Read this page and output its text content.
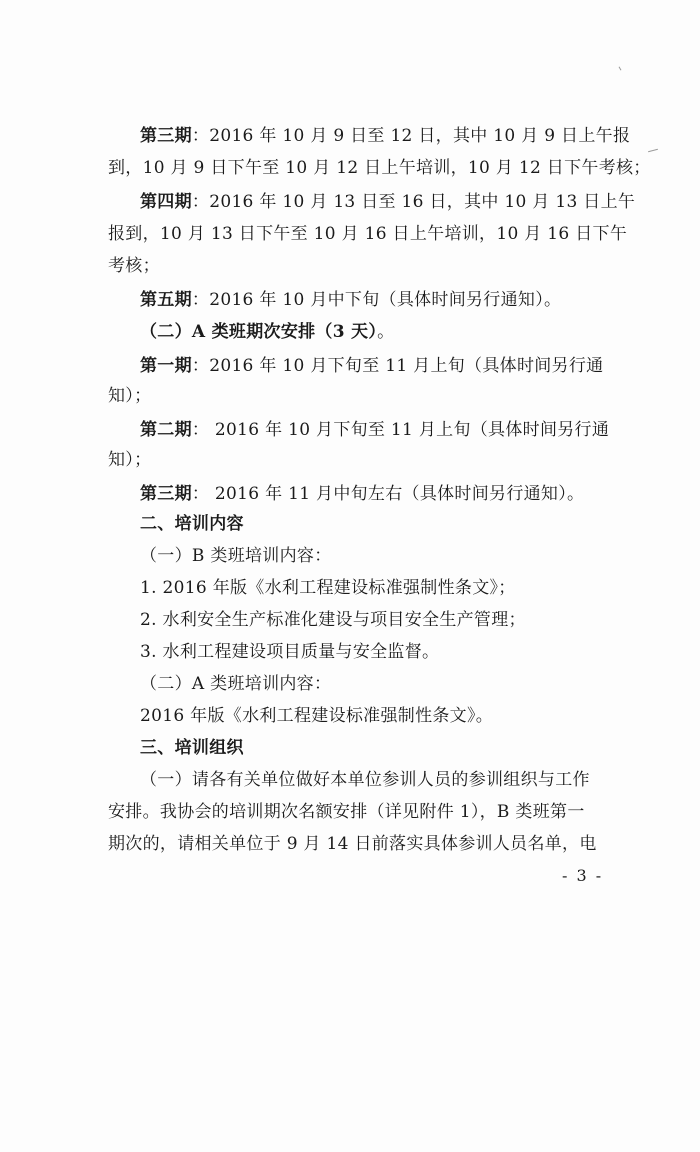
第三期：2016 年 10 月 9 日至 12 日，其中 10 月 9 日上午报
到，10 月 9 日下午至 10 月 12 日上午培训，10 月 12 日下午考核；
第四期：2016 年 10 月 13 日至 16 日，其中 10 月 13 日上午
报到，10 月 13 日下午至 10 月 16 日上午培训，10 月 16 日下午
考核；
第五期：2016 年 10 月中下旬（具体时间另行通知）。
（二）A 类班期次安排（3 天）。
第一期：2016 年 10 月下旬至 11 月上旬（具体时间另行通
知）；
第二期： 2016 年 10 月下旬至 11 月上旬（具体时间另行通
知）；
第三期： 2016 年 11 月中旬左右（具体时间另行通知）。
二、培训内容
（一）B 类班培训内容：
1. 2016 年版《水利工程建设标准强制性条文》；
2. 水利安全生产标准化建设与项目安全生产管理；
3. 水利工程建设项目质量与安全监督。
（二）A 类班培训内容：
2016 年版《水利工程建设标准强制性条文》。
三、培训组织
（一）请各有关单位做好本单位参训人员的参训组织与工作
安排。我协会的培训期次名额安排（详见附件 1），B 类班第一
期次的，请相关单位于 9 月 14 日前落实具体参训人员名单，电
- 3 -
